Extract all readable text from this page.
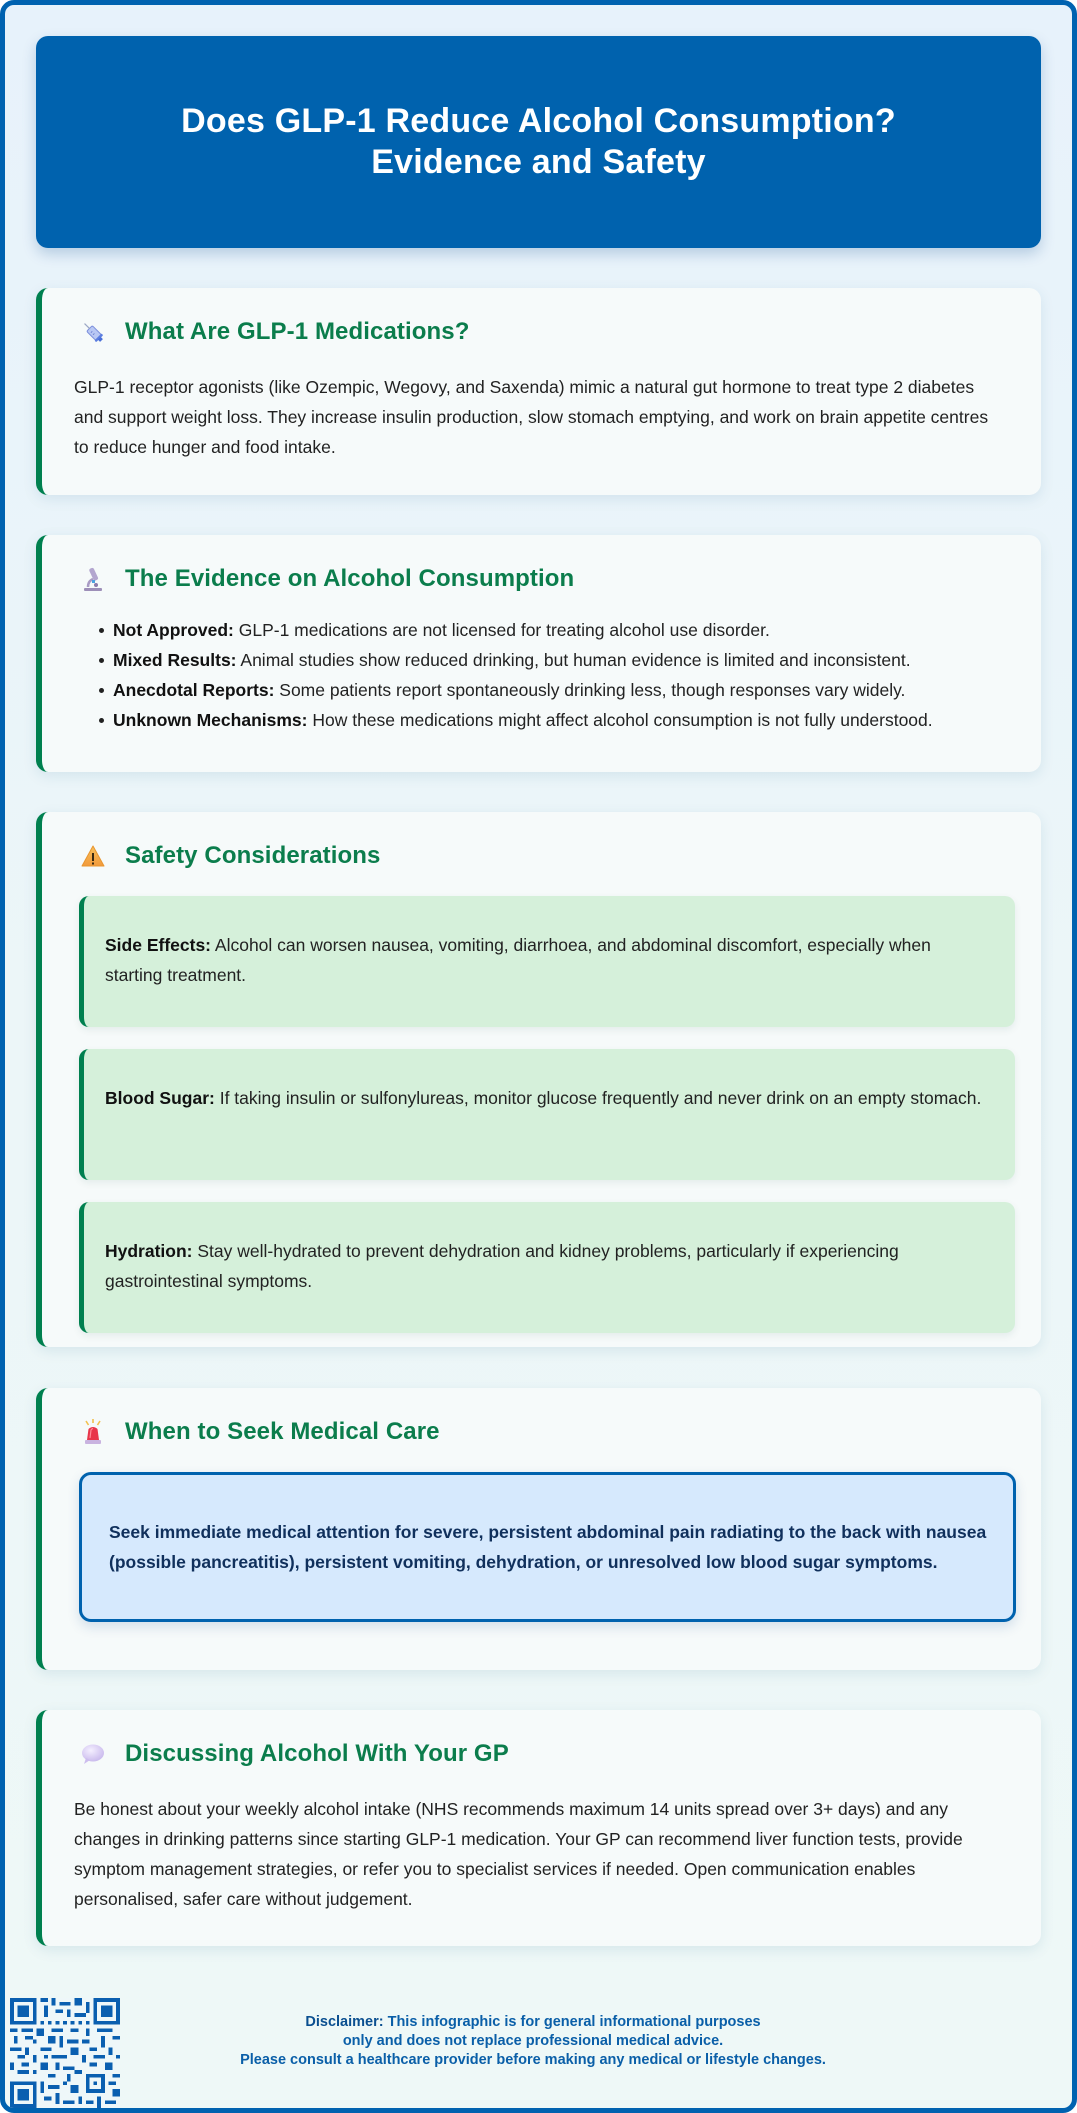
Does GLP-1 Reduce Alcohol Consumption?
Evidence and Safety
What Are GLP-1 Medications?

GLP-1 receptor agonists (like Ozempic, Wegovy, and Saxenda) mimic a natural gut hormone to treat type 2 diabetes and support weight loss. They increase insulin production, slow stomach emptying, and work on brain appetite centres to reduce hunger and food intake.

The Evidence on Alcohol Consumption
Not Approved: GLP-1 medications are not licensed for treating alcohol use disorder.
Mixed Results: Animal studies show reduced drinking, but human evidence is limited and inconsistent.
Anecdotal Reports: Some patients report spontaneously drinking less, though responses vary widely.
Unknown Mechanisms: How these medications might affect alcohol consumption is not fully understood.
Safety Considerations
Side Effects: Alcohol can worsen nausea, vomiting, diarrhoea, and abdominal discomfort, especially when starting treatment.
Blood Sugar: If taking insulin or sulfonylureas, monitor glucose frequently and never drink on an empty stomach.
Hydration: Stay well-hydrated to prevent dehydration and kidney problems, particularly if experiencing gastrointestinal symptoms.
When to Seek Medical Care
Seek immediate medical attention for severe, persistent abdominal pain radiating to the back with nausea (possible pancreatitis), persistent vomiting, dehydration, or unresolved low blood sugar symptoms.
Discussing Alcohol With Your GP

Be honest about your weekly alcohol intake (NHS recommends maximum 14 units spread over 3+ days) and any changes in drinking patterns since starting GLP-1 medication. Your GP can recommend liver function tests, provide symptom management strategies, or refer you to specialist services if needed. Open communication enables personalised, safer care without judgement.

Disclaimer: This infographic is for general informational purposes
only and does not replace professional medical advice.
Please consult a healthcare provider before making any medical or lifestyle changes.
